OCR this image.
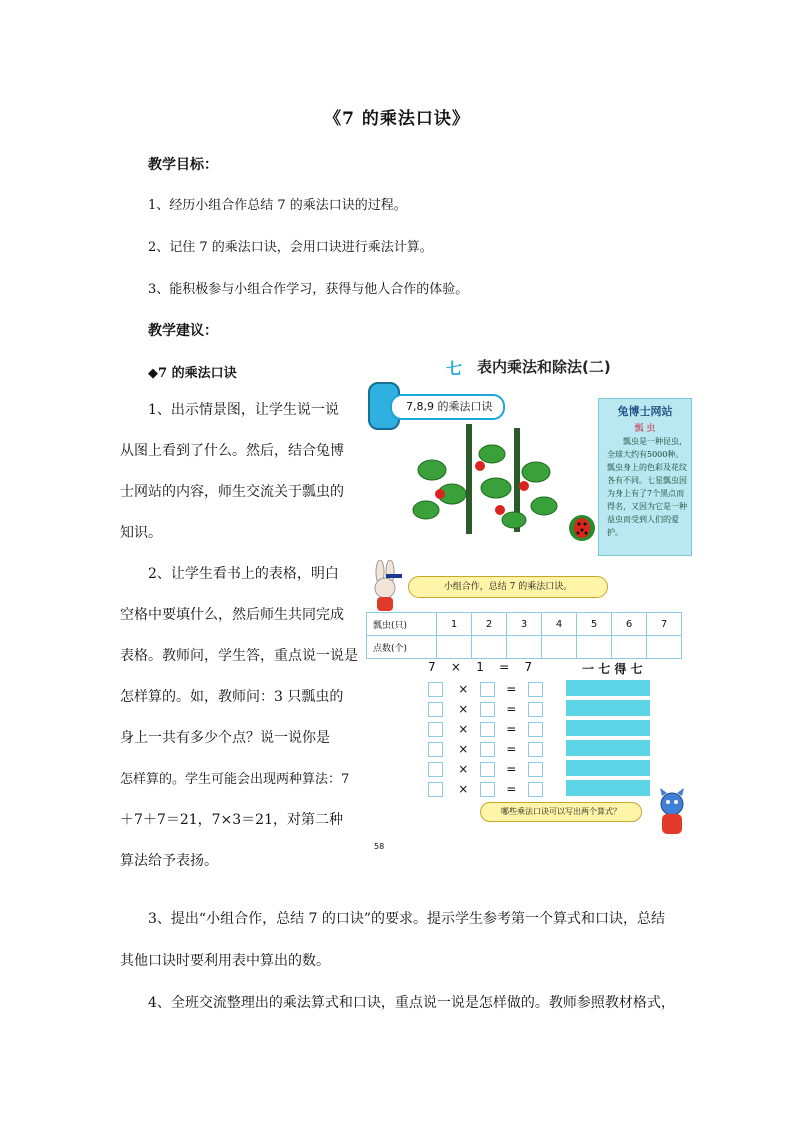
《7 的乘法口诀》
教学目标：
1、经历小组合作总结 7 的乘法口诀的过程。
2、记住 7 的乘法口诀，会用口诀进行乘法计算。
3、能积极参与小组合作学习，获得与他人合作的体验。
教学建议：
◆7 的乘法口诀
1、出示情景图，让学生说一说
从图上看到了什么。然后，结合兔博
士网站的内容，师生交流关于瓢虫的
知识。
2、让学生看书上的表格，明白
空格中要填什么，然后师生共同完成
表格。教师问，学生答，重点说一说是
怎样算的。如，教师问：3 只瓢虫的
身上一共有多少个点？说一说你是
怎样算的。学生可能会出现两种算法：7
＋7＋7＝21，7×3＝21，对第二种
算法给予表扬。
七 表内乘法和除法(二)
7,8,9 的乘法口诀	兔博士网站
瓢 虫
瓢虫是一种昆虫，全球大约有5000种。瓢虫身上的色彩及花纹各有不同。七星瓢虫因为身上有了7个黑点而得名，又因为它是一种益虫而受到人们的爱护。
小组合作，总结 7 的乘法口诀。
瓢虫(只)	1	2	3	4	5	6	7
点数(个)							
7 × 1 = 7	一 七 得 七
×	=
×	=
×	=
×	=
×	=
×	=
哪些乘法口诀可以写出两个算式？
58
3、提出“小组合作，总结 7 的口诀”的要求。提示学生参考第一个算式和口诀，总结
其他口诀时要利用表中算出的数。
4、全班交流整理出的乘法算式和口诀，重点说一说是怎样做的。教师参照教材格式，
